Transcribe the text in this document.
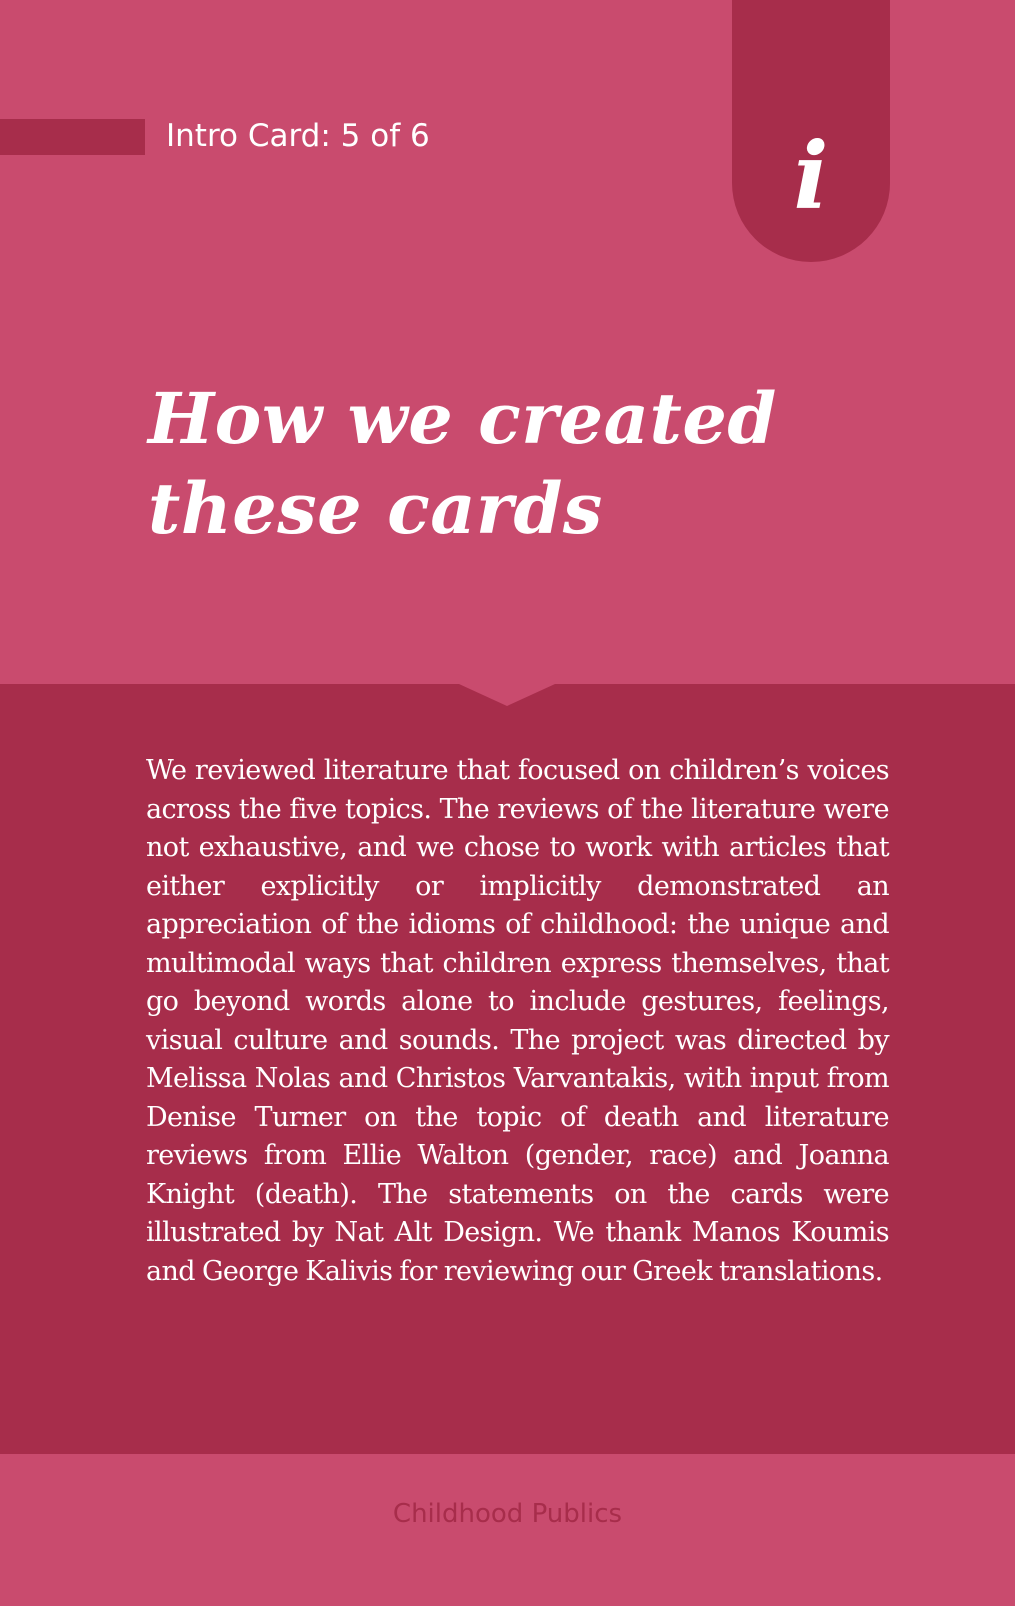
Intro Card: 5 of 6	i
How we created
these cards

We reviewed literature that focused on children’s voices across the five topics. The reviews of the literature were not exhaustive, and we chose to work with articles that either explicitly or implicitly demonstrated an appreciation of the idioms of childhood: the unique and multimodal ways that children express themselves, that go beyond words alone to include gestures, feelings, visual culture and sounds. The project was directed by Melissa Nolas and Christos Varvantakis, with input from Denise Turner on the topic of death and literature reviews from Ellie Walton (gender, race) and Joanna Knight (death). The statements on the cards were illustrated by Nat Alt Design. We thank Manos Koumis and George Kalivis for reviewing our Greek translations.

Childhood Publics
